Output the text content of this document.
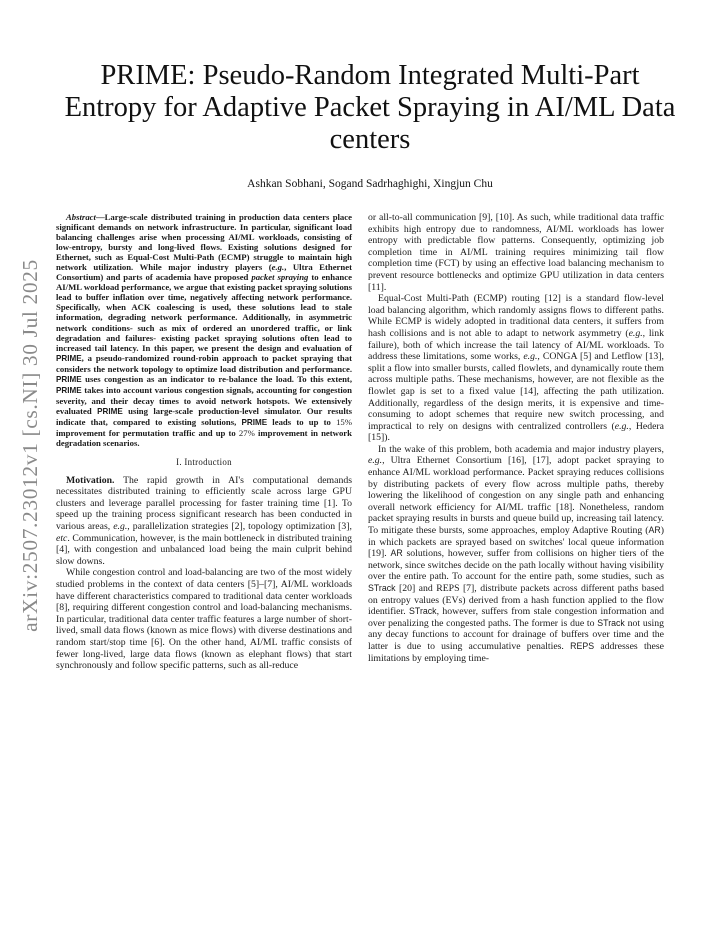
arXiv:2507.23012v1 [cs.NI] 30 Jul 2025
PRIME: Pseudo-Random Integrated Multi-Part Entropy for Adaptive Packet Spraying in AI/ML Data centers
Ashkan Sobhani, Sogand Sadrhaghighi, Xingjun Chu
Abstract—Large-scale distributed training in production data centers place significant demands on network infrastructure. In particular, significant load balancing challenges arise when processing AI/ML workloads, consisting of low-entropy, bursty and long-lived flows. Existing solutions designed for Ethernet, such as Equal-Cost Multi-Path (ECMP) struggle to maintain high network utilization. While major industry players (e.g., Ultra Ethernet Consortium) and parts of academia have proposed packet spraying to enhance AI/ML workload performance, we argue that existing packet spraying solutions lead to buffer inflation over time, negatively affecting network performance. Specifically, when ACK coalescing is used, these solutions lead to stale information, degrading network performance. Additionally, in asymmetric network conditions- such as mix of ordered an unordered traffic, or link degradation and failures- existing packet spraying solutions often lead to increased tail latency. In this paper, we present the design and evaluation of PRIME, a pseudo-randomized round-robin approach to packet spraying that considers the network topology to optimize load distribution and performance. PRIME uses congestion as an indicator to re-balance the load. To this extent, PRIME takes into account various congestion signals, accounting for congestion severity, and their decay times to avoid network hotspots. We extensively evaluated PRIME using large-scale production-level simulator. Our results indicate that, compared to existing solutions, PRIME leads to up to 15% improvement for permutation traffic and up to 27% improvement in network degradation scenarios.
I. Introduction

Motivation. The rapid growth in AI's computational demands necessitates distributed training to efficiently scale across large GPU clusters and leverage parallel processing for faster training time [1]. To speed up the training process significant research has been conducted in various areas, e.g., parallelization strategies [2], topology optimization [3], etc. Communication, however, is the main bottleneck in distributed training [4], with congestion and unbalanced load being the main culprit behind slow downs.

While congestion control and load-balancing are two of the most widely studied problems in the context of data centers [5]–[7], AI/ML workloads have different characteristics compared to traditional data center workloads [8], requiring different congestion control and load-balancing mechanisms. In particular, traditional data center traffic features a large number of short-lived, small data flows (known as mice flows) with diverse destinations and random start/stop time [6]. On the other hand, AI/ML traffic consists of fewer long-lived, large data flows (known as elephant flows) that start synchronously and follow specific patterns, such as all-reduce

or all-to-all communication [9], [10]. As such, while traditional data traffic exhibits high entropy due to randomness, AI/ML workloads has lower entropy with predictable flow patterns. Consequently, optimizing job completion time in AI/ML training requires minimizing tail flow completion time (FCT) by using an effective load balancing mechanism to prevent resource bottlenecks and optimize GPU utilization in data centers [11].

Equal-Cost Multi-Path (ECMP) routing [12] is a standard flow-level load balancing algorithm, which randomly assigns flows to different paths. While ECMP is widely adopted in traditional data centers, it suffers from hash collisions and is not able to adapt to network asymmetry (e.g., link failure), both of which increase the tail latency of AI/ML workloads. To address these limitations, some works, e.g., CONGA [5] and Letflow [13], split a flow into smaller bursts, called flowlets, and dynamically route them across multiple paths. These mechanisms, however, are not flexible as the flowlet gap is set to a fixed value [14], affecting the path utilization. Additionally, regardless of the design merits, it is expensive and time-consuming to adopt schemes that require new switch processing, and impractical to rely on designs with centralized controllers (e.g., Hedera [15]).

In the wake of this problem, both academia and major industry players, e.g., Ultra Ethernet Consortium [16], [17], adopt packet spraying to enhance AI/ML workload performance. Packet spraying reduces collisions by distributing packets of every flow across multiple paths, thereby lowering the likelihood of congestion on any single path and enhancing overall network efficiency for AI/ML traffic [18]. Nonetheless, random packet spraying results in bursts and queue build up, increasing tail latency. To mitigate these bursts, some approaches, employ Adaptive Routing (AR) in which packets are sprayed based on switches' local queue information [19]. AR solutions, however, suffer from collisions on higher tiers of the network, since switches decide on the path locally without having visibility over the entire path. To account for the entire path, some studies, such as STrack [20] and REPS [7], distribute packets across different paths based on entropy values (EVs) derived from a hash function applied to the flow identifier. STrack, however, suffers from stale congestion information and over penalizing the congested paths. The former is due to STrack not using any decay functions to account for drainage of buffers over time and the latter is due to using accumulative penalties. REPS addresses these limitations by employing time-
